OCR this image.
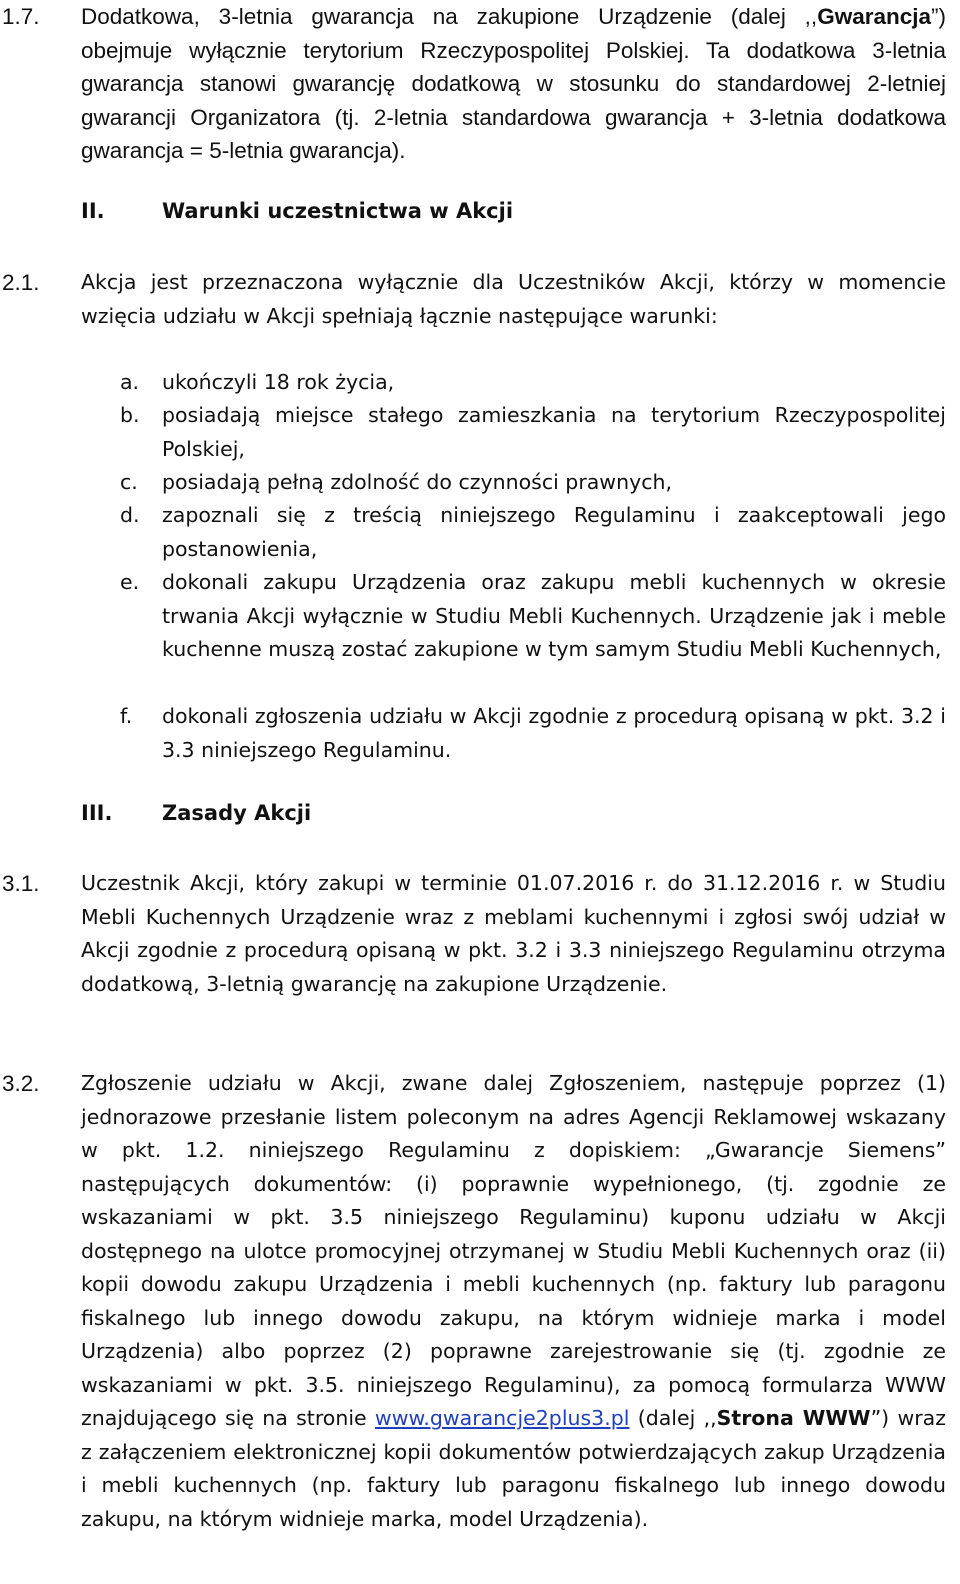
1.7. Dodatkowa, 3-letnia gwarancja na zakupione Urządzenie (dalej ,,Gwarancja”) obejmuje wyłącznie terytorium Rzeczypospolitej Polskiej. Ta dodatkowa 3-letnia gwarancja stanowi gwarancję dodatkową w stosunku do standardowej 2-letniej gwarancji Organizatora (tj. 2-letnia standardowa gwarancja + 3-letnia dodatkowa gwarancja = 5-letnia gwarancja).
II.	Warunki uczestnictwa w Akcji
2.1. Akcja jest przeznaczona wyłącznie dla Uczestników Akcji, którzy w momencie wzięcia udziału w Akcji spełniają łącznie następujące warunki:
a. ukończyli 18 rok życia,
b. posiadają miejsce stałego zamieszkania na terytorium Rzeczypospolitej Polskiej,
c. posiadają pełną zdolność do czynności prawnych,
d. zapoznali się z treścią niniejszego Regulaminu i zaakceptowali jego postanowienia,
e. dokonali zakupu Urządzenia oraz zakupu mebli kuchennych w okresie trwania Akcji wyłącznie w Studiu Mebli Kuchennych. Urządzenie jak i meble kuchenne muszą zostać zakupione w tym samym Studiu Mebli Kuchennych,
f. dokonali zgłoszenia udziału w Akcji zgodnie z procedurą opisaną w pkt. 3.2 i 3.3 niniejszego Regulaminu.
III. Zasady Akcji
3.1. Uczestnik Akcji, który zakupi w terminie 01.07.2016 r. do 31.12.2016 r. w Studiu Mebli Kuchennych Urządzenie wraz z meblami kuchennymi i zgłosi swój udział w Akcji zgodnie z procedurą opisaną w pkt. 3.2 i 3.3 niniejszego Regulaminu otrzyma dodatkową, 3-letnią gwarancję na zakupione Urządzenie.
3.2. Zgłoszenie udziału w Akcji, zwane dalej Zgłoszeniem, następuje poprzez (1) jednorazowe przesłanie listem poleconym na adres Agencji Reklamowej wskazany w pkt. 1.2. niniejszego Regulaminu z dopiskiem: „Gwarancje Siemens” następujących dokumentów: (i) poprawnie wypełnionego, (tj. zgodnie ze wskazaniami w pkt. 3.5 niniejszego Regulaminu) kuponu udziału w Akcji dostępnego na ulotce promocyjnej otrzymanej w Studiu Mebli Kuchennych oraz (ii) kopii dowodu zakupu Urządzenia i mebli kuchennych (np. faktury lub paragonu fiskalnego lub innego dowodu zakupu, na którym widnieje marka i model Urządzenia) albo poprzez (2) poprawne zarejestrowanie się (tj. zgodnie ze wskazaniami w pkt. 3.5. niniejszego Regulaminu), za pomocą formularza WWW znajdującego się na stronie www.gwarancje2plus3.pl (dalej ,,Strona WWW”) wraz z załączeniem elektronicznej kopii dokumentów potwierdzających zakup Urządzenia i mebli kuchennych (np. faktury lub paragonu fiskalnego lub innego dowodu zakupu, na którym widnieje marka, model Urządzenia).
